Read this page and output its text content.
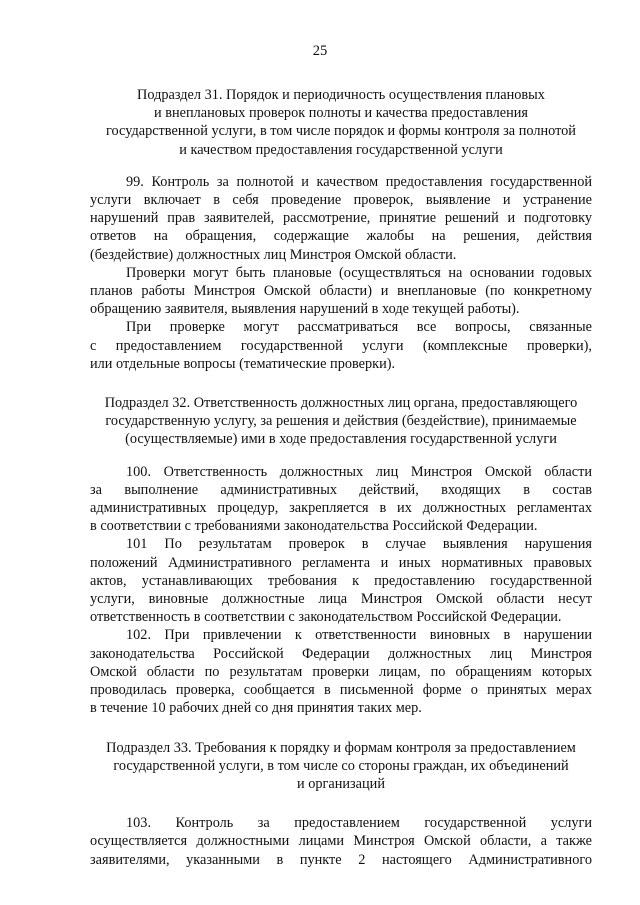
25
Подраздел 31. Порядок и периодичность осуществления плановых
и внеплановых проверок полноты и качества предоставления
государственной услуги, в том числе порядок и формы контроля за полнотой
и качеством предоставления государственной услуги
99. Контроль за полнотой и качеством предоставления государственной
услуги включает в себя проведение проверок, выявление и устранение
нарушений прав заявителей, рассмотрение, принятие решений и подготовку
ответов на обращения, содержащие жалобы на решения, действия
(бездействие) должностных лиц Минстроя Омской области.
Проверки могут быть плановые (осуществляться на основании годовых
планов работы Минстроя Омской области) и внеплановые (по конкретному
обращению заявителя, выявления нарушений в ходе текущей работы).
При проверке могут рассматриваться все вопросы, связанные
с предоставлением государственной услуги (комплексные проверки),
или отдельные вопросы (тематические проверки).
Подраздел 32. Ответственность должностных лиц органа, предоставляющего
государственную услугу, за решения и действия (бездействие), принимаемые
(осуществляемые) ими в ходе предоставления государственной услуги
100. Ответственность должностных лиц Минстроя Омской области
за выполнение административных действий, входящих в состав
административных процедур, закрепляется в их должностных регламентах
в соответствии с требованиями законодательства Российской Федерации.
101 По результатам проверок в случае выявления нарушения
положений Административного регламента и иных нормативных правовых
актов, устанавливающих требования к предоставлению государственной
услуги, виновные должностные лица Минстроя Омской области несут
ответственность в соответствии с законодательством Российской Федерации.
102. При привлечении к ответственности виновных в нарушении
законодательства Российской Федерации должностных лиц Минстроя
Омской области по результатам проверки лицам, по обращениям которых
проводилась проверка, сообщается в письменной форме о принятых мерах
в течение 10 рабочих дней со дня принятия таких мер.
Подраздел 33. Требования к порядку и формам контроля за предоставлением
государственной услуги, в том числе со стороны граждан, их объединений
и организаций
103. Контроль за предоставлением государственной услуги
осуществляется должностными лицами Минстроя Омской области, а также
заявителями, указанными в пункте 2 настоящего Административного
